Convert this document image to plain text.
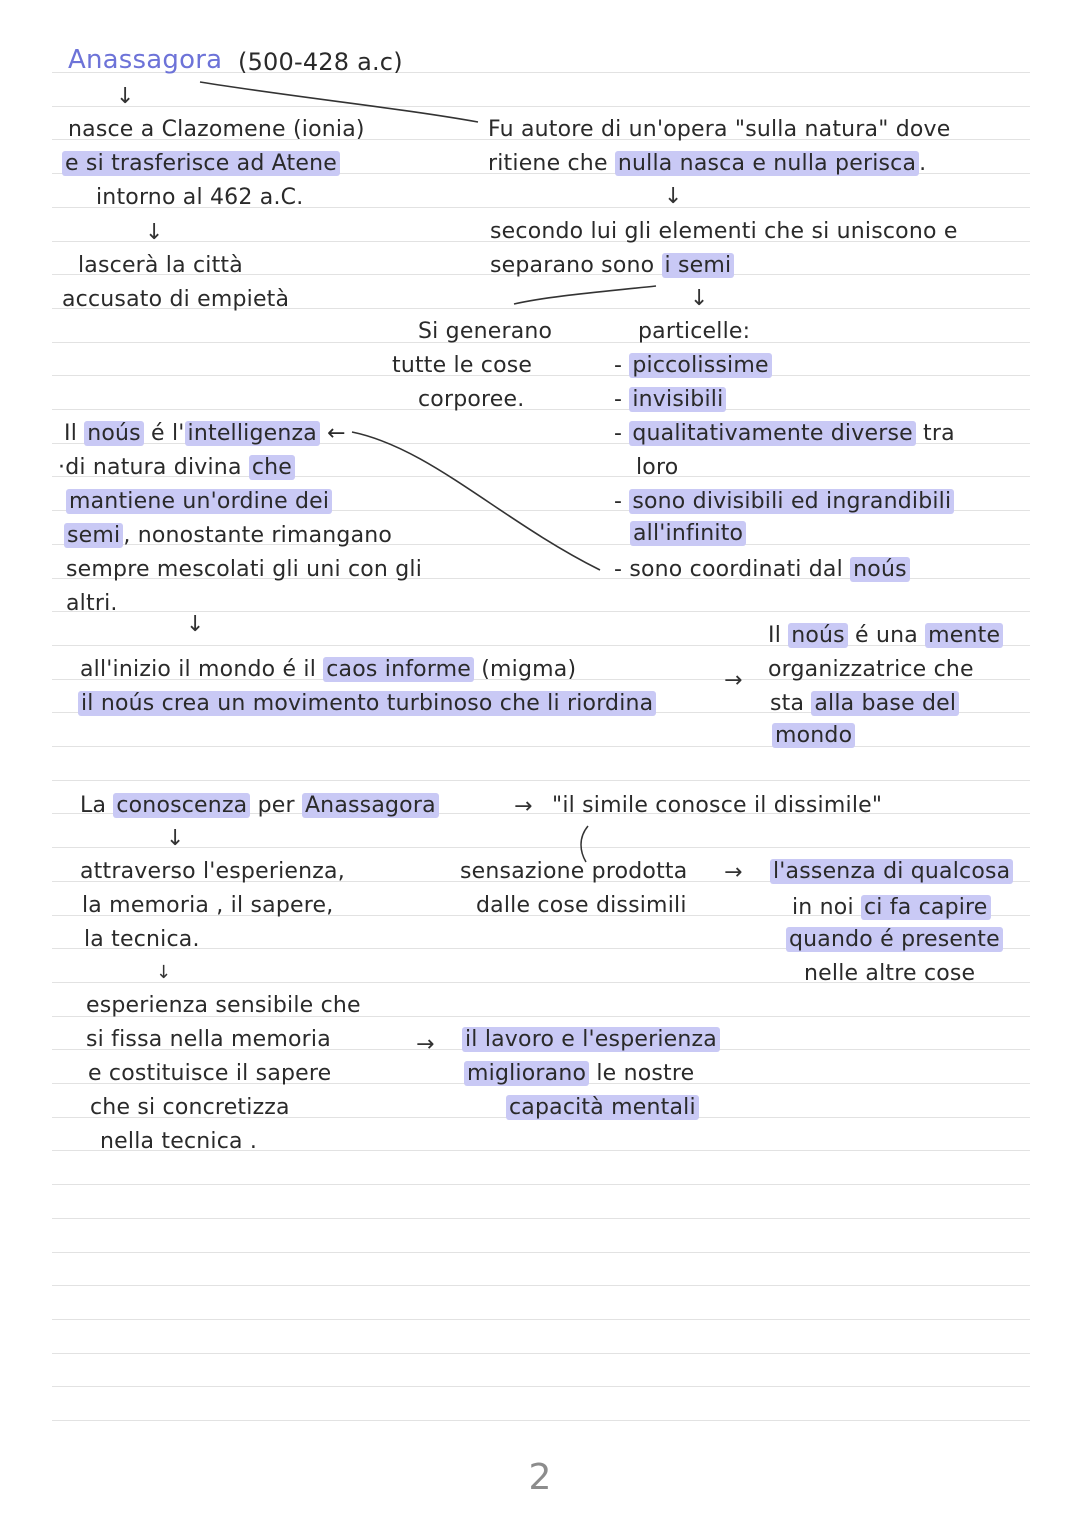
Anassagora (500-428 a.c)
↓
nasce a Clazomene (ionia)
e si trasferisce ad Atene
intorno al 462 a.C.
↓
lascerà la città
accusato di empietà
Fu autore di un'opera "sulla natura" dove
ritiene che nulla nasca e nulla perisca .
↓
secondo lui gli elementi che si uniscono e
separano sono i semi
↓
Si generano
tutte le cose
corporee.
particelle:
- piccolissime
- invisibili
- qualitativamente diverse tra
loro
- sono divisibili ed ingrandibili
all'infinito
- sono coordinati dal noús
Il noús é l' intelligenza ←
·di natura divina che
mantiene un'ordine dei
semi , nonostante rimangano
sempre mescolati gli uni con gli
altri.
↓
all'inizio il mondo é il caos informe (migma)
il noús crea un movimento turbinoso che li riordina
→
Il noús é una mente
organizzatrice che
sta alla base del
mondo
La conoscenza per Anassagora	→ "il simile conosce il dissimile"
↓
attraverso l'esperienza,
la memoria , il sapere,
la tecnica.
↓
sensazione prodotta →
dalle cose dissimili
l'assenza di qualcosa
in noi ci fa capire
quando é presente
nelle altre cose
esperienza sensibile che
si fissa nella memoria
e costituisce il sapere
che si concretizza
nella tecnica .
→ il lavoro e l'esperienza
migliorano le nostre
capacità mentali
2
